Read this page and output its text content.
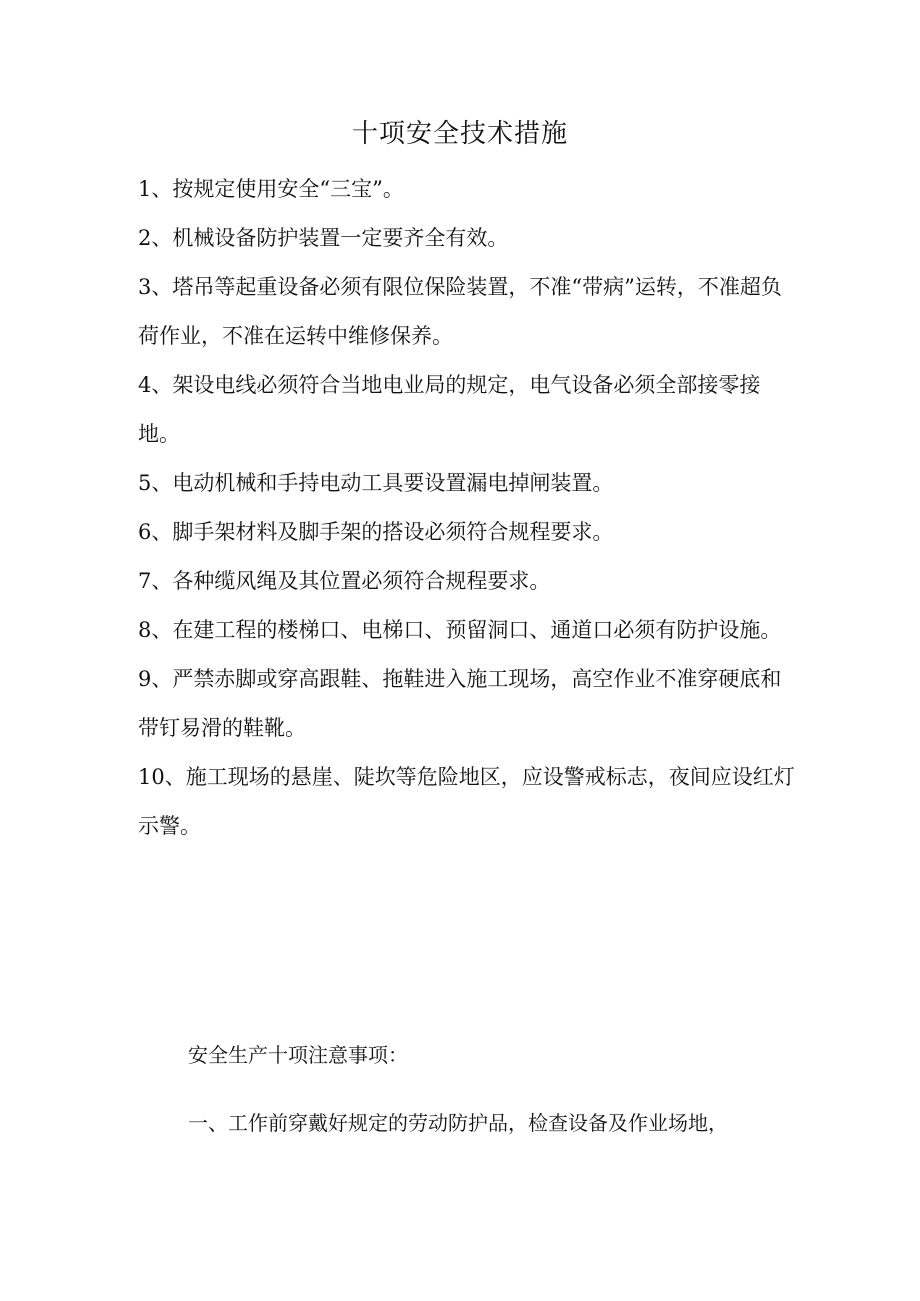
十项安全技术措施
1、按规定使用安全“三宝”。
2、机械设备防护装置一定要齐全有效。
3、塔吊等起重设备必须有限位保险装置，不准“带病”运转，不准超负荷作业，不准在运转中维修保养。
4、架设电线必须符合当地电业局的规定，电气设备必须全部接零接地。
5、电动机械和手持电动工具要设置漏电掉闸装置。
6、脚手架材料及脚手架的搭设必须符合规程要求。
7、各种缆风绳及其位置必须符合规程要求。
8、在建工程的楼梯口、电梯口、预留洞口、通道口必须有防护设施。
9、严禁赤脚或穿高跟鞋、拖鞋进入施工现场，高空作业不准穿硬底和带钉易滑的鞋靴。
10、施工现场的悬崖、陡坎等危险地区，应设警戒标志，夜间应设红灯示警。

安全生产十项注意事项：

一、工作前穿戴好规定的劳动防护品，检查设备及作业场地，
